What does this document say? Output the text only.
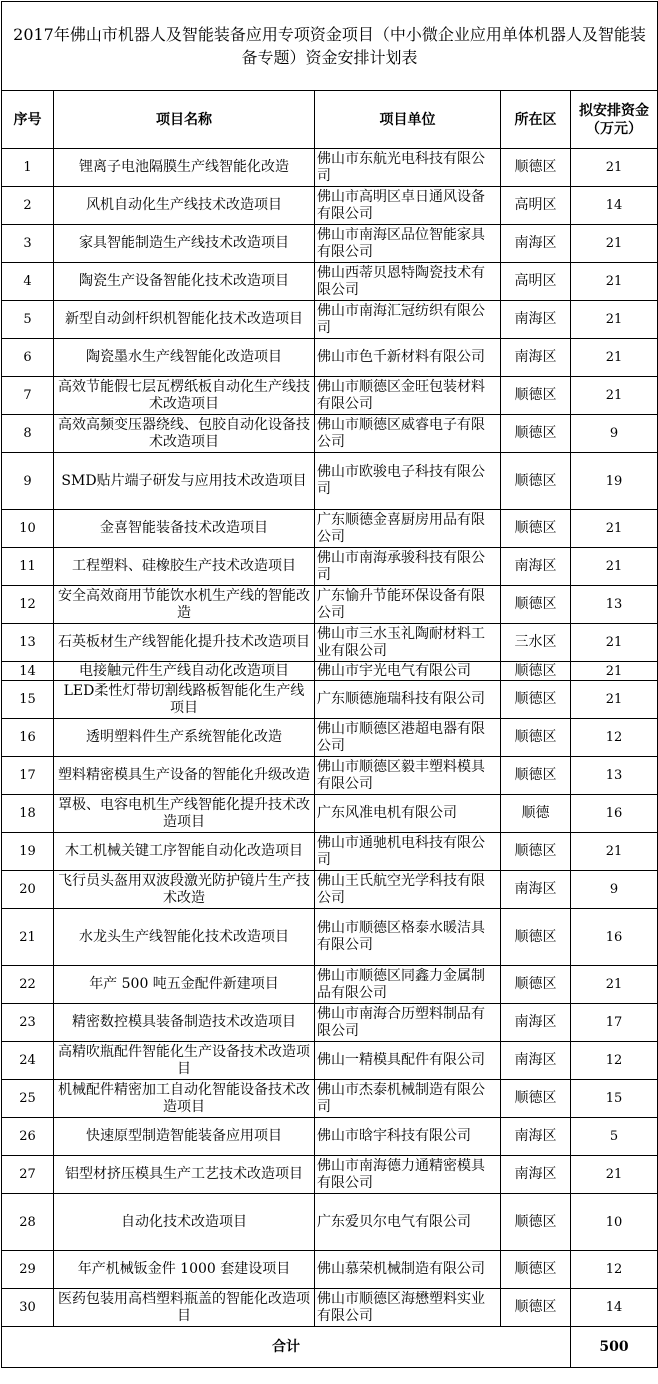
2017年佛山市机器人及智能装备应用专项资金项目（中小微企业应用单体机器人及智能装备专题）资金安排计划表				
序号	项目名称	项目单位	所在区	拟安排资金（万元）
1	锂离子电池隔膜生产线智能化改造	佛山市东航光电科技有限公司	顺德区	21
2	风机自动化生产线技术改造项目	佛山市高明区卓日通风设备有限公司	高明区	14
3	家具智能制造生产线技术改造项目	佛山市南海区品位智能家具有限公司	南海区	21
4	陶瓷生产设备智能化技术改造项目	佛山西蒂贝恩特陶瓷技术有限公司	高明区	21
5	新型自动剑杆织机智能化技术改造项目	佛山市南海汇冠纺织有限公司	南海区	21
6	陶瓷墨水生产线智能化改造项目	佛山市色千新材料有限公司	南海区	21
7	高效节能假七层瓦楞纸板自动化生产线技术改造项目	佛山市顺德区金旺包装材料有限公司	顺德区	21
8	高效高频变压器绕线、包胶自动化设备技术改造项目	佛山市顺德区威睿电子有限公司	顺德区	9
9	SMD贴片端子研发与应用技术改造项目	佛山市欧骏电子科技有限公司	顺德区	19
10	金喜智能装备技术改造项目	广东顺德金喜厨房用品有限公司	顺德区	21
11	工程塑料、硅橡胶生产技术改造项目	佛山市南海承骏科技有限公司	南海区	21
12	安全高效商用节能饮水机生产线的智能改造	广东愉升节能环保设备有限公司	顺德区	13
13	石英板材生产线智能化提升技术改造项目	佛山市三水玉礼陶耐材料工业有限公司	三水区	21
14	电接触元件生产线自动化改造项目	佛山市宇光电气有限公司	顺德区	21
15	LED柔性灯带切割线路板智能化生产线项目	广东顺德施瑞科技有限公司	顺德区	21
16	透明塑料件生产系统智能化改造	佛山市顺德区港超电器有限公司	顺德区	12
17	塑料精密模具生产设备的智能化升级改造	佛山市顺德区毅丰塑料模具有限公司	顺德区	13
18	罩极、电容电机生产线智能化提升技术改造项目	广东风准电机有限公司	顺德	16
19	木工机械关键工序智能自动化改造项目	佛山市通驰机电科技有限公司	顺德区	21
20	飞行员头盔用双波段激光防护镜片生产技术改造	佛山王氏航空光学科技有限公司	南海区	9
21	水龙头生产线智能化技术改造项目	佛山市顺德区格泰水暖洁具有限公司	顺德区	16
22	年产 500 吨五金配件新建项目	佛山市顺德区同鑫力金属制品有限公司	顺德区	21
23	精密数控模具装备制造技术改造项目	佛山市南海合历塑料制品有限公司	南海区	17
24	高精吹瓶配件智能化生产设备技术改造项目	佛山一精模具配件有限公司	南海区	12
25	机械配件精密加工自动化智能设备技术改造项目	佛山市杰泰机械制造有限公司	顺德区	15
26	快速原型制造智能装备应用项目	佛山市晗宇科技有限公司	南海区	5
27	铝型材挤压模具生产工艺技术改造项目	佛山市南海德力通精密模具有限公司	南海区	21
28	自动化技术改造项目	广东爱贝尔电气有限公司	顺德区	10
29	年产机械钣金件 1000 套建设项目	佛山慕荣机械制造有限公司	顺德区	12
30	医药包装用高档塑料瓶盖的智能化改造项目	佛山市顺德区海懋塑料实业有限公司	顺德区	14
合计				500
